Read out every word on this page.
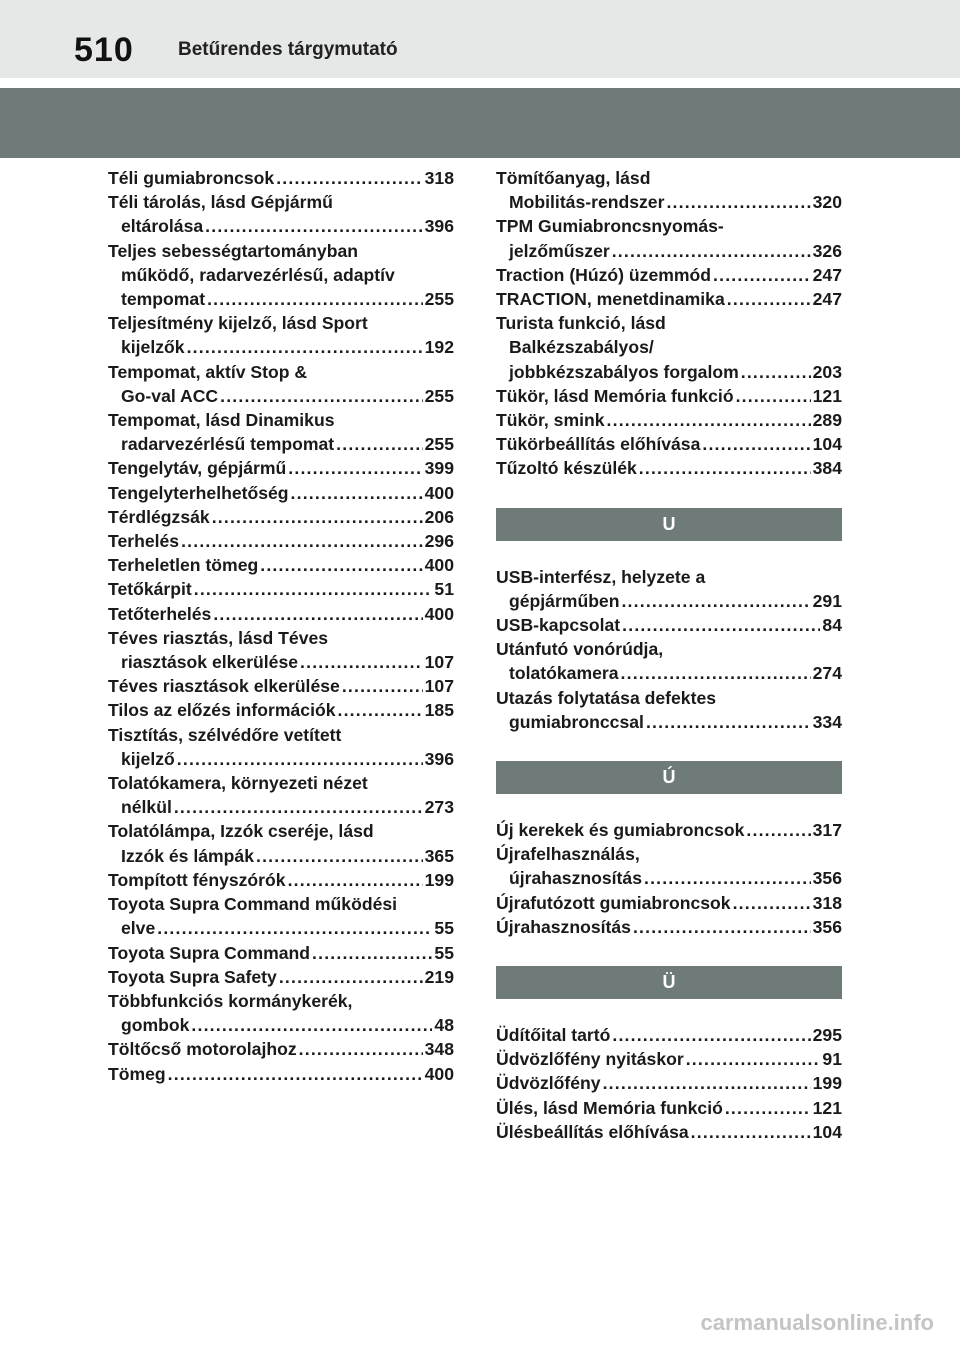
510 Betűrendes tárgymutató
Téli gumiabroncsok .....	318
Téli tárolás, lásd Gépjármű
eltárolása .....	396
Teljes sebességtartományban
működő, radarvezérlésű, adaptív
tempomat .....	255
Teljesítmény kijelző, lásd Sport
kijelzők .....	192
Tempomat, aktív Stop &
Go-val ACC .....	255
Tempomat, lásd Dinamikus
radarvezérlésű tempomat .....	255
Tengelytáv, gépjármű .....	399
Tengelyterhelhetőség .....	400
Térdlégzsák .....	206
Terhelés .....	296
Terheletlen tömeg .....	400
Tetőkárpit .....	51
Tetőterhelés .....	400
Téves riasztás, lásd Téves
riasztások elkerülése .....	107
Téves riasztások elkerülése .....	107
Tilos az előzés információk .....	185
Tisztítás, szélvédőre vetített
kijelző .....	396
Tolatókamera, környezeti nézet
nélkül .....	273
Tolatólámpa, Izzók cseréje, lásd
Izzók és lámpák .....	365
Tompított fényszórók .....	199
Toyota Supra Command működési
elve .....	55
Toyota Supra Command .....	55
Toyota Supra Safety .....	219
Többfunkciós kormánykerék,
gombok .....	48
Töltőcső motorolajhoz .....	348
Tömeg .....	400
Tömítőanyag, lásd
Mobilitás-rendszer .....	320
TPM Gumiabroncsnyomás-
jelzőműszer .....	326
Traction (Húzó) üzemmód .....	247
TRACTION, menetdinamika .....	247
Turista funkció, lásd
Balkézszabályos/
jobbkézszabályos forgalom .....	203
Tükör, lásd Memória funkció .....	121
Tükör, smink .....	289
Tükörbeállítás előhívása .....	104
Tűzoltó készülék .....	384
U
USB-interfész, helyzete a
gépjárműben .....	291
USB-kapcsolat .....	84
Utánfutó vonórúdja,
tolatókamera .....	274
Utazás folytatása defektes
gumiabronccsal .....	334
Ú
Új kerekek és gumiabroncsok .....	317
Újrafelhasználás,
újrahasznosítás .....	356
Újrafutózott gumiabroncsok .....	318
Újrahasznosítás .....	356
Ü
Üdítőital tartó .....	295
Üdvözlőfény nyitáskor .....	91
Üdvözlőfény .....	199
Ülés, lásd Memória funkció .....	121
Ülésbeállítás előhívása .....	104
carmanualsonline.info
